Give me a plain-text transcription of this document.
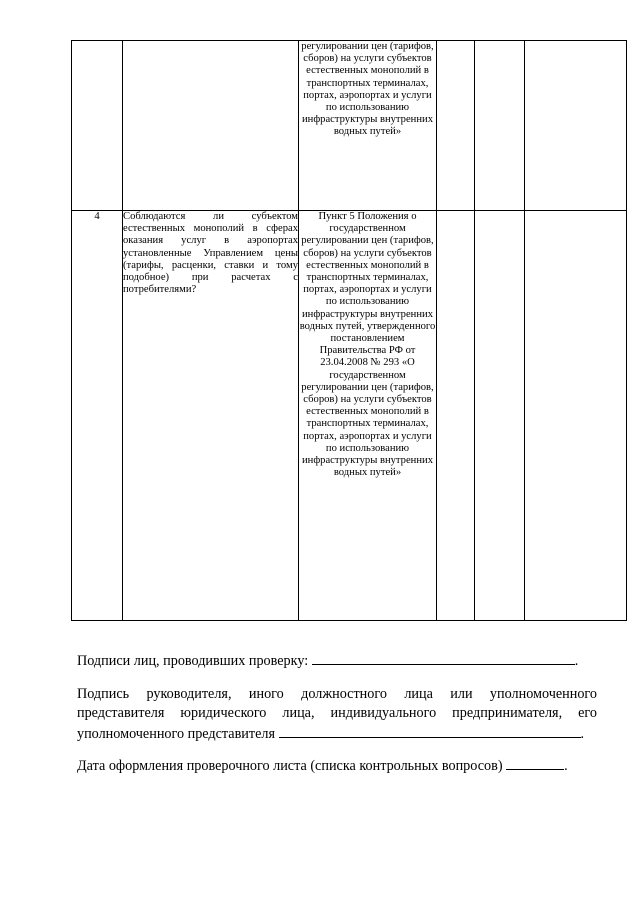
		регулировании цен (тарифов, сборов) на услуги субъектов естественных монополий в транспортных терминалах, портах, аэропортах и услуги по использованию инфраструктуры внутренних водных путей»			
4	Соблюдаются ли субъектом естественных монополий в сферах оказания услуг в аэропортах установленные Управлением цены (тарифы, расценки, ставки и тому подобное) при расчетах с потребителями?	Пункт 5 Положения о государственном регулировании цен (тарифов, сборов) на услуги субъектов естественных монополий в транспортных терминалах, портах, аэропортах и услуги по использованию инфраструктуры внутренних водных путей, утвержденного постановлением Правительства РФ от 23.04.2008 № 293 «О государственном регулировании цен (тарифов, сборов) на услуги субъектов естественных монополий в транспортных терминалах, портах, аэропортах и услуги по использованию инфраструктуры внутренних водных путей»			
Подписи лиц, проводивших проверку:	.
Подпись руководителя, иного должностного лица или уполномоченного
представителя юридического лица, индивидуального предпринимателя, его
уполномоченного представителя	.
Дата оформления проверочного листа (списка контрольных вопросов)	.
